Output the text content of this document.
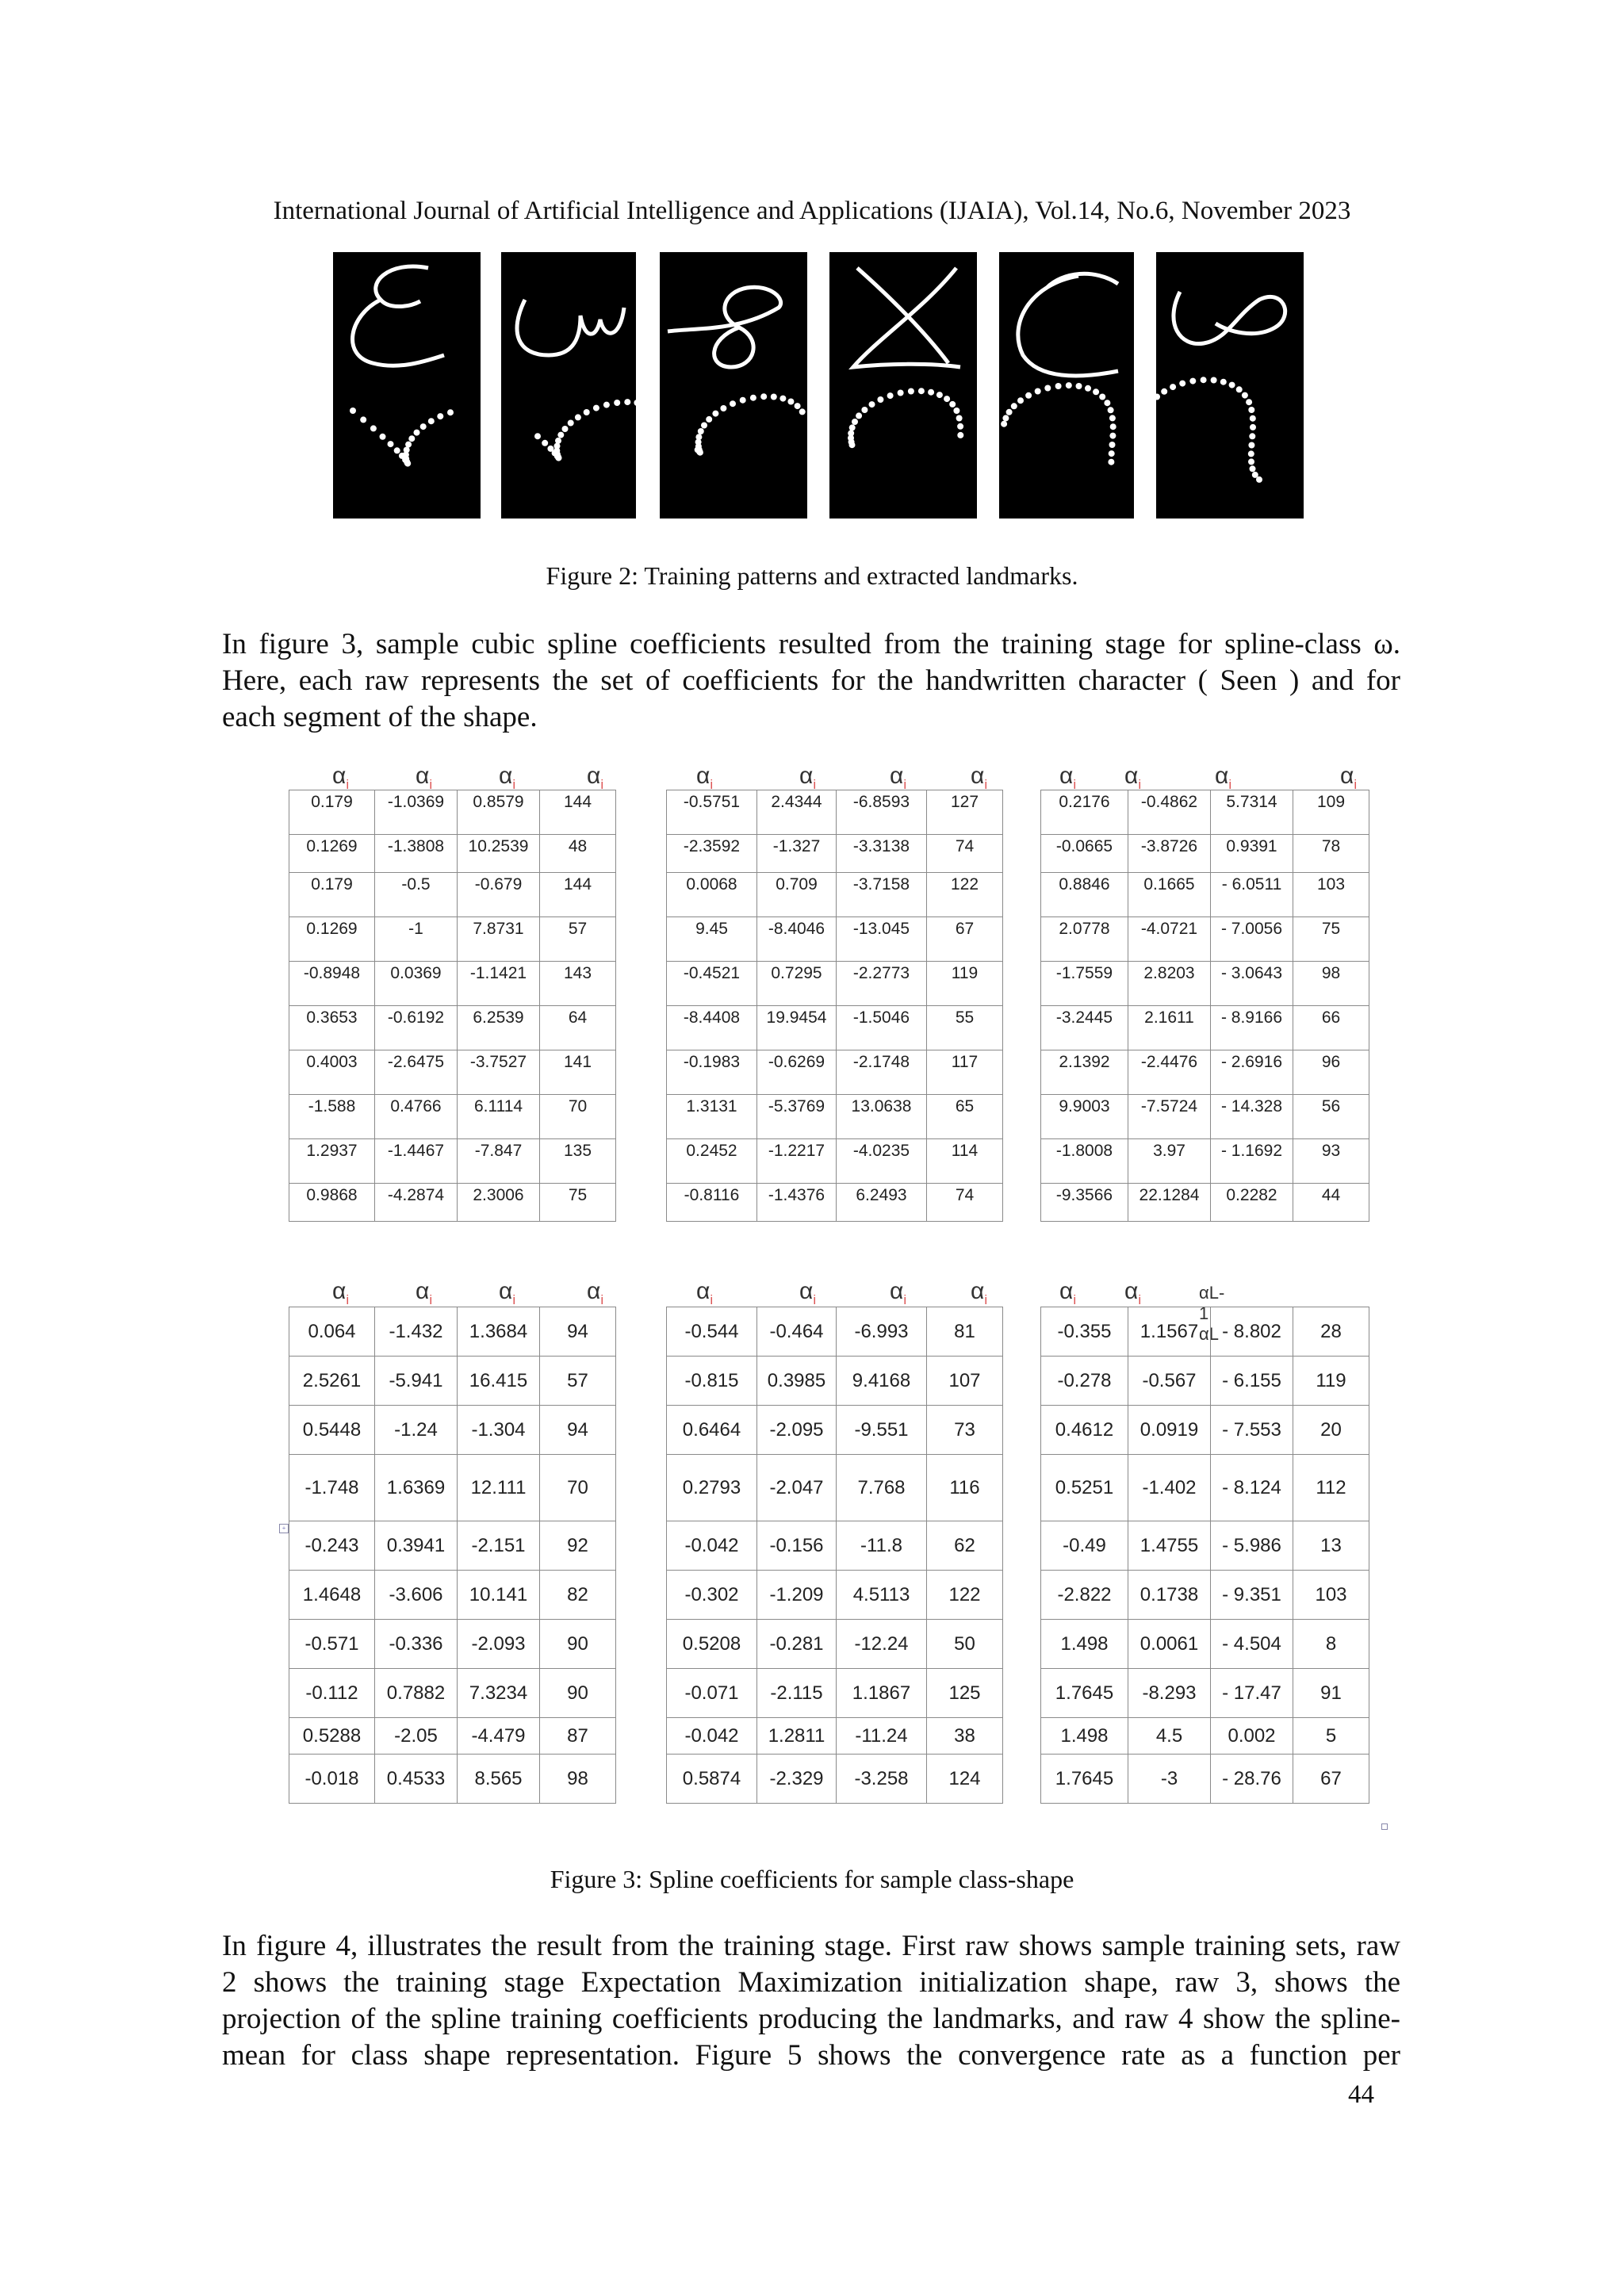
International Journal of Artificial Intelligence and Applications (IJAIA), Vol.14, No.6, November 2023
Figure 2: Training patterns and extracted landmarks.
In figure 3, sample cubic spline coefficients resulted from the training stage for spline-class ω.
Here, each raw represents the set of coefficients for the handwritten character ( Seen ) and for
each segment of the shape.
$\alpha_i$	$\alpha_i$	$\alpha_i$	$\alpha_i$
0.179	-1.0369	0.8579	144
0.1269	-1.3808	10.2539	48
0.179	-0.5	-0.679	144
0.1269	-1	7.8731	57
-0.8948	0.0369	-1.1421	143
0.3653	-0.6192	6.2539	64
0.4003	-2.6475	-3.7527	141
-1.588	0.4766	6.1114	70
1.2937	-1.4467	-7.847	135
0.9868	-4.2874	2.3006	75
$\alpha_i$	$\alpha_i$	$\alpha_i$	$\alpha_i$
-0.5751	2.4344	-6.8593	127
-2.3592	-1.327	-3.3138	74
0.0068	0.709	-3.7158	122
9.45	-8.4046	-13.045	67
-0.4521	0.7295	-2.2773	119
-8.4408	19.9454	-1.5046	55
-0.1983	-0.6269	-2.1748	117
1.3131	-5.3769	13.0638	65
0.2452	-1.2217	-4.0235	114
-0.8116	-1.4376	6.2493	74
$\alpha_i$ $\alpha_i$	$\alpha_i$	$\alpha_i$
0.2176	-0.4862	5.7314	109
-0.0665	-3.8726	0.9391	78
0.8846	0.1665	- 6.0511	103
2.0778	-4.0721	- 7.0056	75
-1.7559	2.8203	- 3.0643	98
-3.2445	2.1611	- 8.9166	66
2.1392	-2.4476	- 2.6916	96
9.9003	-7.5724	- 14.328	56
-1.8008	3.97	- 1.1692	93
-9.3566	22.1284	0.2282	44
$\alpha_i$	$\alpha_i$	$\alpha_i$	$\alpha_i$
0.064	-1.432	1.3684	94
2.5261	-5.941	16.415	57
0.5448	-1.24	-1.304	94
-1.748	1.6369	12.111	70
-0.243	0.3941	-2.151	92
1.4648	-3.606	10.141	82
-0.571	-0.336	-2.093	90
-0.112	0.7882	7.3234	90
0.5288	-2.05	-4.479	87
-0.018	0.4533	8.565	98
$\alpha_i$	$\alpha_i$	$\alpha_i$	$\alpha_i$
-0.544	-0.464	-6.993	81
-0.815	0.3985	9.4168	107
0.6464	-2.095	-9.551	73
0.2793	-2.047	7.768	116
-0.042	-0.156	-11.8	62
-0.302	-1.209	4.5113	122
0.5208	-0.281	-12.24	50
-0.071	-2.115	1.1867	125
-0.042	1.2811	-11.24	38
0.5874	-2.329	-3.258	124
$\alpha_i$ $\alpha_i$	αL-1 αL
-0.355	1.1567	- 8.802	28
-0.278	-0.567	- 6.155	119
0.4612	0.0919	- 7.553	20
0.5251	-1.402	- 8.124	112
-0.49	1.4755	- 5.986	13
-2.822	0.1738	- 9.351	103
1.498	0.0061	- 4.504	8
1.7645	-8.293	- 17.47	91
1.498	4.5	0.002	5
1.7645	-3	- 28.76	67
+
Figure 3: Spline coefficients for sample class-shape
In figure 4, illustrates the result from the training stage. First raw shows sample training sets, raw
2 shows the training stage Expectation Maximization initialization shape, raw 3, shows the
projection of the spline training coefficients producing the landmarks, and raw 4 show the spline-
mean for class shape representation. Figure 5 shows the convergence rate as a function per
44
